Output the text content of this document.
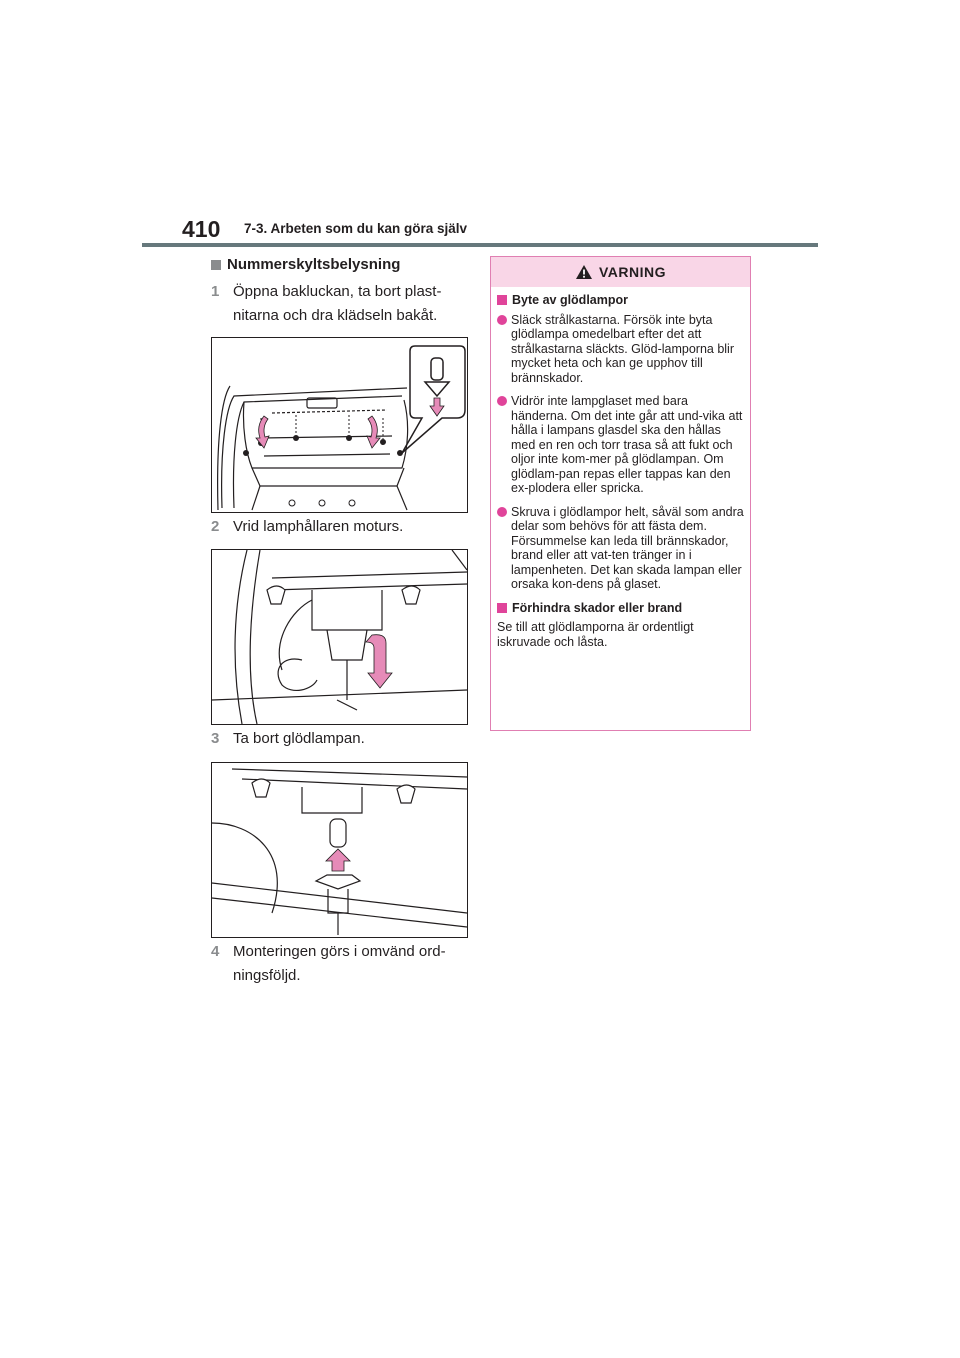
410 7-3. Arbeten som du kan göra själv
Nummerskyltsbelysning
1 Öppna bakluckan, ta bort plast-nitarna och dra klädseln bakåt.
2 Vrid lamphållaren moturs.
3 Ta bort glödlampan.
4 Monteringen görs i omvänd ord-ningsföljd.
VARNING
Byte av glödlampor
Släck strålkastarna. Försök inte byta glödlampa omedelbart efter det att strålkastarna släckts. Glöd-lamporna blir mycket heta och kan ge upphov till brännskador.
Vidrör inte lampglaset med bara händerna. Om det inte går att und-vika att hålla i lampans glasdel ska den hållas med en ren och torr trasa så att fukt och oljor inte kom-mer på glödlampan. Om glödlam-pan repas eller tappas kan den ex-plodera eller spricka.
Skruva i glödlampor helt, såväl som andra delar som behövs för att fästa dem. Försummelse kan leda till brännskador, brand eller att vat-ten tränger in i lampenheten. Det kan skada lampan eller orsaka kon-dens på glaset.
Förhindra skador eller brand
Se till att glödlamporna är ordentligt iskruvade och låsta.
